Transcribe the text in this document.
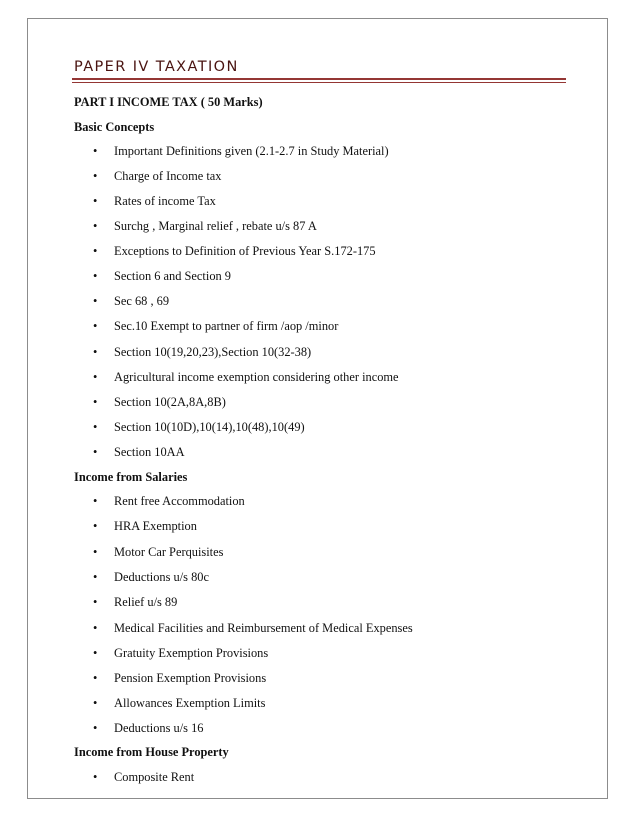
PAPER IV TAXATION
PART I INCOME TAX ( 50 Marks)
Basic Concepts
• Important Definitions given (2.1-2.7 in Study Material)
• Charge of Income tax
• Rates of income Tax
• Surchg , Marginal relief , rebate u/s 87 A
• Exceptions to Definition of Previous Year S.172-175
• Section 6 and Section 9
• Sec 68 , 69
• Sec.10 Exempt to partner of firm /aop /minor
• Section 10(19,20,23),Section 10(32-38)
• Agricultural income exemption considering other income
• Section 10(2A,8A,8B)
• Section 10(10D),10(14),10(48),10(49)
• Section 10AA
Income from Salaries
• Rent free Accommodation
• HRA Exemption
• Motor Car Perquisites
• Deductions u/s 80c
• Relief u/s 89
• Medical Facilities and Reimbursement of Medical Expenses
• Gratuity Exemption Provisions
• Pension Exemption Provisions
• Allowances Exemption Limits
• Deductions u/s 16
Income from House Property
• Composite Rent
